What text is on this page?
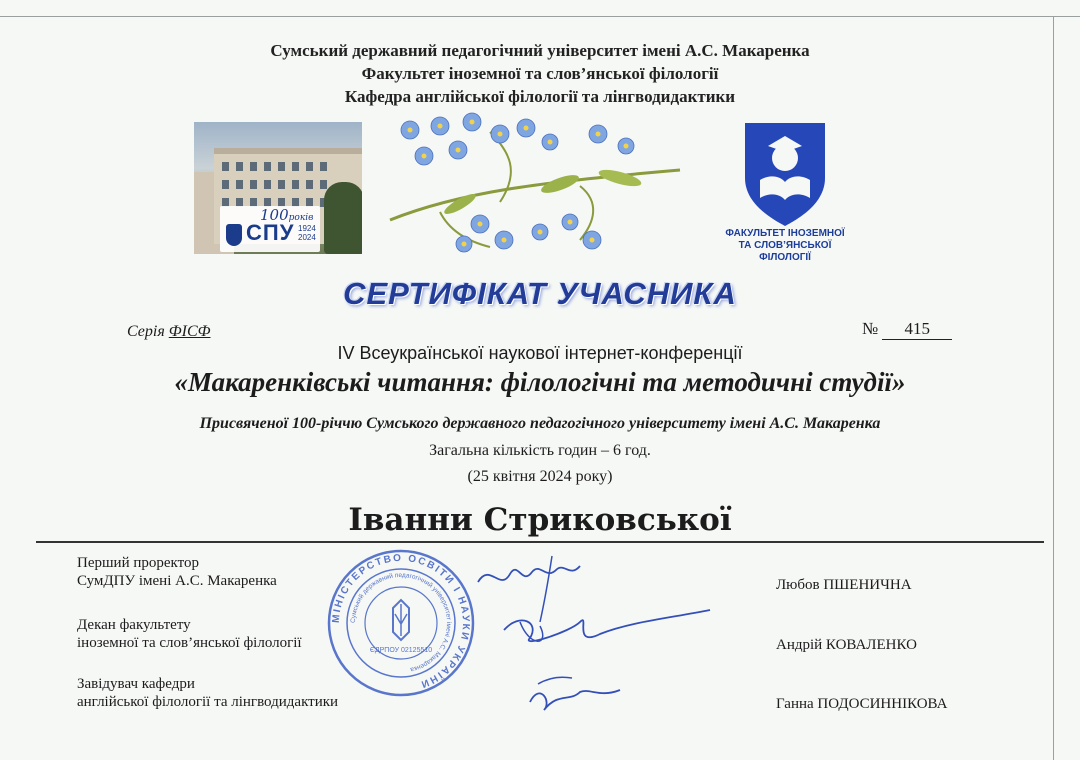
Сумський державний педагогічний університет імені А.С. Макаренка
Факультет іноземної та слов’янської філології
Кафедра англійської філології та лінгводидактики
100років
СПУ 1924
2024	ФАКУЛЬТЕТ ІНОЗЕМНОЇ
ТА СЛОВ’ЯНСЬКОЇ
ФІЛОЛОГІЇ
СЕРТИФІКАТ УЧАСНИКА
Серія ФІСФ	№ 415
IV Всеукраїнської наукової інтернет-конференції
«Макаренківські читання: філологічні та методичні студії»
Присвяченої 100-річчю Сумського державного педагогічного університету імені А.С. Макаренка
Загальна кількість годин – 6 год.
(25 квітня 2024 року)
Іванни Стриковської
Перший проректор
СумДПУ імені А.С. Макаренка
Декан факультету
іноземної та слов’янської філології
Завідувач кафедри
англійської філології та лінгводидактики
МІНІСТЕРСТВО ОСВІТИ І НАУКИ УКРАЇНИ
Сумський державний педагогічний університет імені А.С. Макаренка
ЄДРПОУ 02125510
Любов ПШЕНИЧНА
Андрій КОВАЛЕНКО
Ганна ПОДОСИННІКОВА
